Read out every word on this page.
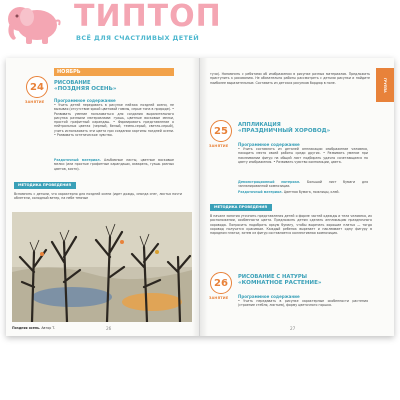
ТИПТОП
ВСЁ ДЛЯ СЧАСТЛИВЫХ ДЕТЕЙ
24
ЗАНЯТИЕ
НОЯБРЬ
РИСОВАНИЕ
«ПОЗДНЯЯ ОСЕНЬ»
Программное содержание
• Учить детей передавать в рисунке пейзаж поздней осени, не вызывая (отсутствие яркой цветовой гаммы, серые тона в природе). • Развивать умение пользоваться для создания выразительного рисунка разными материалами: гуашь, цветные восковые мелки, простой графитный карандаш. • Формировать представление о нейтральных цветах (черный, белый, темно-серый, светло-серый), учить использовать эти цвета при создании картины поздней осени. • Развивать эстетическое чувство.
Раздаточный материал. Альбомные листы, цветные восковые мелки (или простые графитные карандаши, акварель, гуашь разных цветов, кисти).
МЕТОДИКА ПРОВЕДЕНИЯ
Вспомнить с детьми, что характерно для поздней осени (идет дождь, иногда снег, листья почти облетели, холодный ветер, на небе темные
Поздняя осень. Автор Т.	26
ГРУППА
тучи). Напомнить с ребятами об изображении в рисунке разных материалов. Предложить приступить к рисованию. Не обязательно работы рассмотреть с детьми рисунки и найдите наиболее выразительные. Составить из детских рисунков бордюр в поле.
25
ЗАНЯТИЕ
АППЛИКАЦИЯ
«ПРАЗДНИЧНЫЙ ХОРОВОД»
Программное содержание
• Учить составлять из деталей аппликации изображение человека, находить место своей работы среди других. • Развивать умение при наклеивании фигур на общий лист подбирать удачно сочетающиеся по цвету изображения. • Развивать чувство композиции, цвета.
Демонстрационный материал. Большой лист бумаги для запланированной композиции.
Раздаточный материал. Цветная бумага, ножницы, клей.
МЕТОДИКА ПРОВЕДЕНИЯ
В начале занятия уточнить представления детей о форме частей одежды и тела человека, их расположении, особенности цвета. Предложить детям сделать аппликацию праздничного хоровода. Попросить подобрать яркую бумагу, чтобы вырезать хорошие платья — тогда хоровод получится красивым. Каждый ребенок вырезает и наклеивает одну фигуру в нарядном платье, затем из фигур составляется коллективная композиция.
26
ЗАНЯТИЕ
РИСОВАНИЕ С НАТУРЫ
«КОМНАТНОЕ РАСТЕНИЕ»
Программное содержание
• Учить передавать в рисунке характерные особенности растения (строение стебля, листьев), форму цветочного горшка.
27
